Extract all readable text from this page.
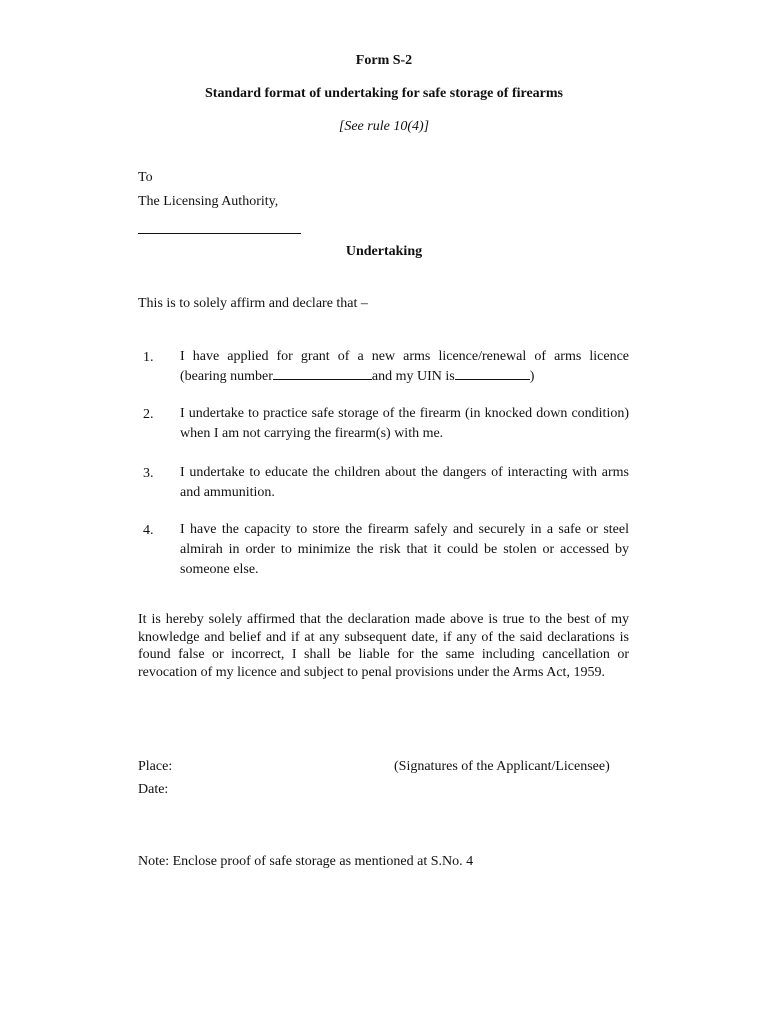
Form S-2
Standard format of undertaking for safe storage of firearms
[See rule 10(4)]
To
The Licensing Authority,
Undertaking
This is to solely affirm and declare that –
1. I have applied for grant of a new arms licence/renewal of arms licence
(bearing number	and my UIN is	)
2. I undertake to practice safe storage of the firearm (in knocked down condition) when I am not carrying the firearm(s) with me.
3. I undertake to educate the children about the dangers of interacting with arms and ammunition.
4. I have the capacity to store the firearm safely and securely in a safe or steel almirah in order to minimize the risk that it could be stolen or accessed by someone else.
It is hereby solely affirmed that the declaration made above is true to the best of my knowledge and belief and if at any subsequent date, if any of the said declarations is found false or incorrect, I shall be liable for the same including cancellation or revocation of my licence and subject to penal provisions under the Arms Act, 1959.
Place:	(Signatures of the Applicant/Licensee)
Date:
Note: Enclose proof of safe storage as mentioned at S.No. 4
